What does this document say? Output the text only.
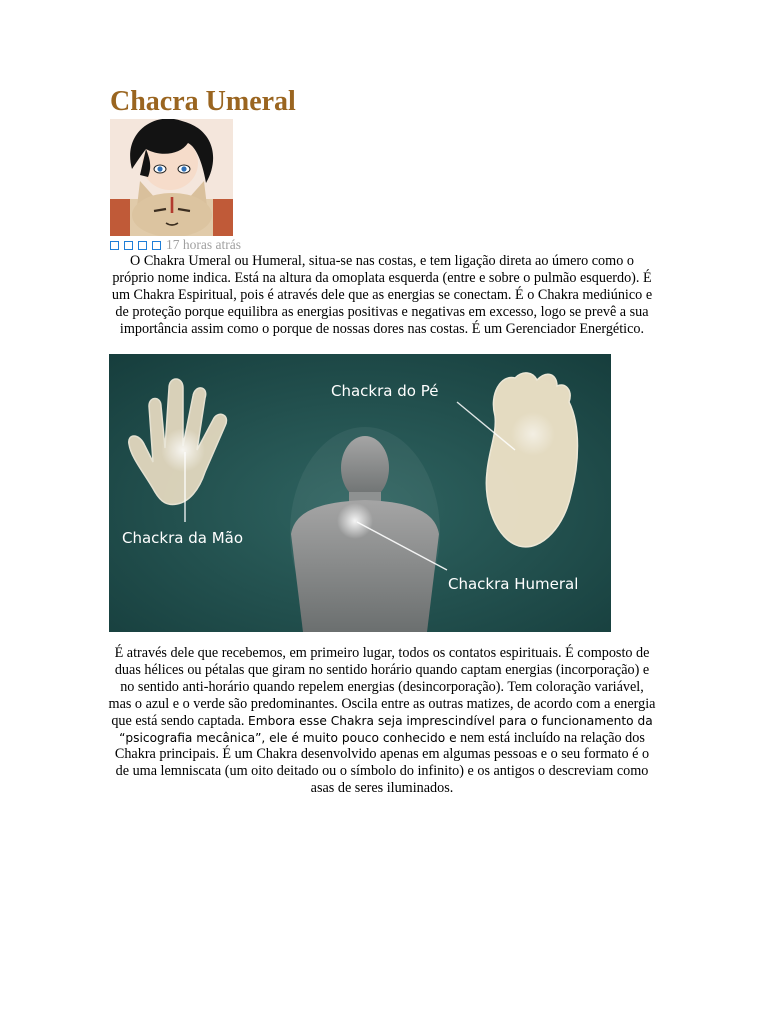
Chacra Umeral
17 horas atrás

O Chakra Umeral ou Humeral, situa-se nas costas, e tem ligação direta ao úmero como o próprio nome indica. Está na altura da omoplata esquerda (entre e sobre o pulmão esquerdo). É um Chakra Espiritual, pois é através dele que as energias se conectam. É o Chakra mediúnico e de proteção porque equilibra as energias positivas e negativas em excesso, logo se prevê a sua importância assim como o porque de nossas dores nas costas. É um Gerenciador Energético.

Chackra do Pé
Chackra da Mão
Chackra Humeral

É através dele que recebemos, em primeiro lugar, todos os contatos espirituais. É composto de duas hélices ou pétalas que giram no sentido horário quando captam energias (incorporação) e no sentido anti-horário quando repelem energias (desincorporação). Tem coloração variável, mas o azul e o verde são predominantes. Oscila entre as outras matizes, de acordo com a energia que está sendo captada. Embora esse Chakra seja imprescindível para o funcionamento da “psicografia mecânica”, ele é muito pouco conhecido e nem está incluído na relação dos Chakra principais. É um Chakra desenvolvido apenas em algumas pessoas e o seu formato é o de uma lemniscata (um oito deitado ou o símbolo do infinito) e os antigos o descreviam como asas de seres iluminados.
